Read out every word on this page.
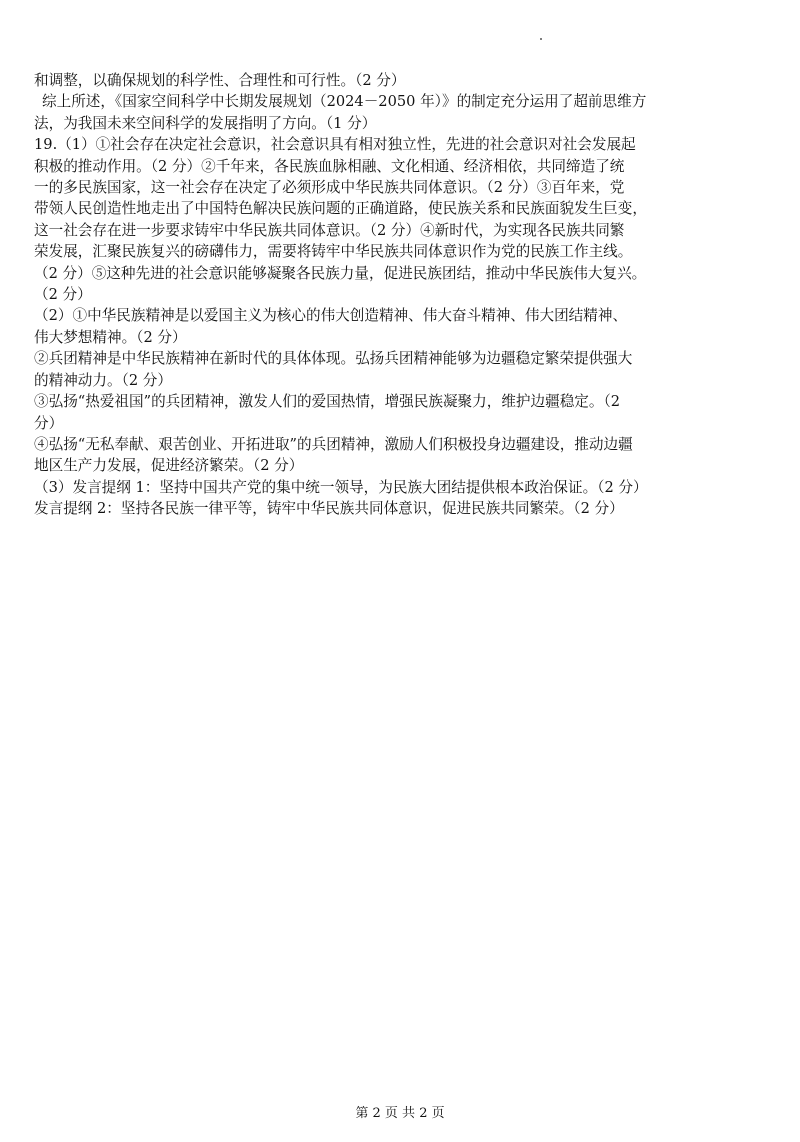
和调整，以确保规划的科学性、合理性和可行性。（2 分）

综上所述，《国家空间科学中长期发展规划（2024－2050 年）》的制定充分运用了超前思维方

法，为我国未来空间科学的发展指明了方向。（1 分）

19.（1）①社会存在决定社会意识，社会意识具有相对独立性，先进的社会意识对社会发展起

积极的推动作用。（2 分）②千年来，各民族血脉相融、文化相通、经济相依，共同缔造了统

一的多民族国家，这一社会存在决定了必须形成中华民族共同体意识。（2 分）③百年来，党

带领人民创造性地走出了中国特色解决民族问题的正确道路，使民族关系和民族面貌发生巨变，

这一社会存在进一步要求铸牢中华民族共同体意识。（2 分）④新时代，为实现各民族共同繁

荣发展，汇聚民族复兴的磅礴伟力，需要将铸牢中华民族共同体意识作为党的民族工作主线。

（2 分）⑤这种先进的社会意识能够凝聚各民族力量，促进民族团结，推动中华民族伟大复兴。

（2 分）

（2）①中华民族精神是以爱国主义为核心的伟大创造精神、伟大奋斗精神、伟大团结精神、

伟大梦想精神。（2 分）

②兵团精神是中华民族精神在新时代的具体体现。弘扬兵团精神能够为边疆稳定繁荣提供强大

的精神动力。（2 分）

③弘扬“热爱祖国”的兵团精神，激发人们的爱国热情，增强民族凝聚力，维护边疆稳定。（2

分）

④弘扬“无私奉献、艰苦创业、开拓进取”的兵团精神，激励人们积极投身边疆建设，推动边疆

地区生产力发展，促进经济繁荣。（2 分）

（3）发言提纲 1：坚持中国共产党的集中统一领导，为民族大团结提供根本政治保证。（2 分）

发言提纲 2：坚持各民族一律平等，铸牢中华民族共同体意识，促进民族共同繁荣。（2 分）

第 2 页 共 2 页
